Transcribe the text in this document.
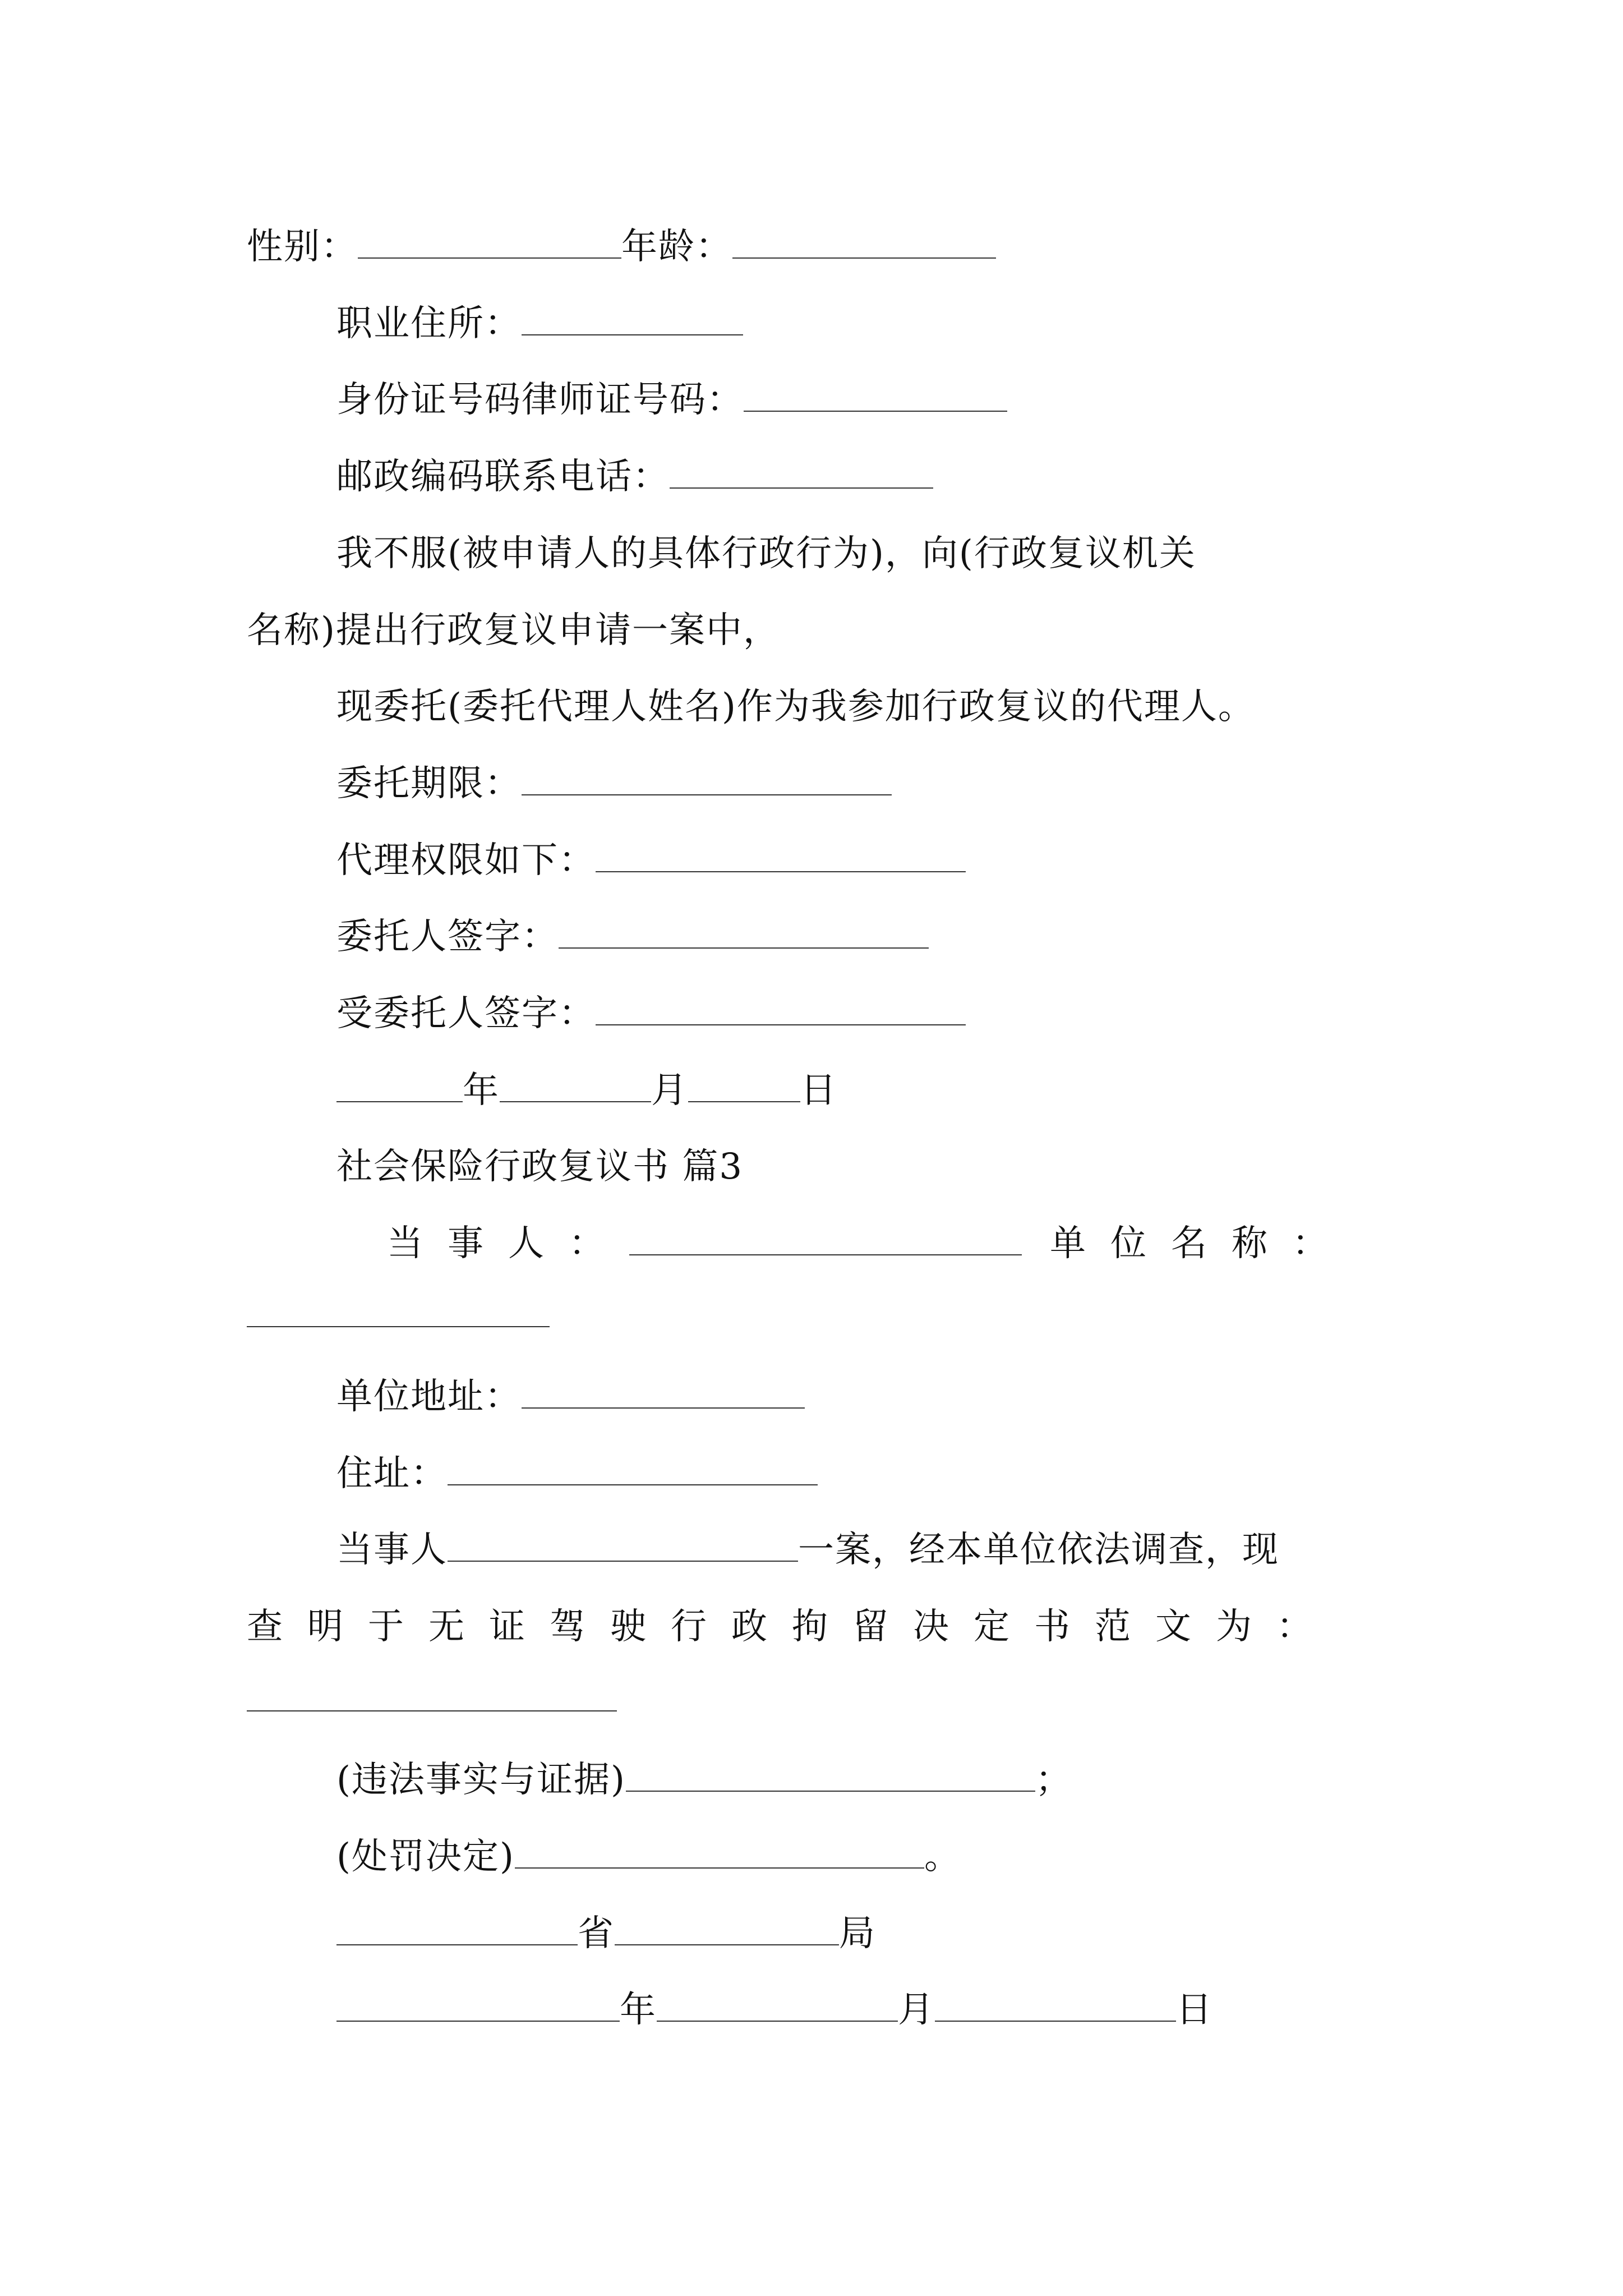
性别：	年龄：
职业住所：
身份证号码律师证号码：
邮政编码联系电话：
我不服(被申请人的具体行政行为)，向(行政复议机关
名称)提出行政复议申请一案中，
现委托(委托代理人姓名)作为我参加行政复议的代理人。
委托期限：
代理权限如下：
委托人签字：
受委托人签字：
年	月	日
社会保险行政复议书 篇3
当事人：	单位名称：
单位地址：
住址：
当事人	一案，经本单位依法调查，现
查明于无证驾驶行政拘留决定书范文为：
(违法事实与证据)	；
(处罚决定)	。
省	局
年	月	日
